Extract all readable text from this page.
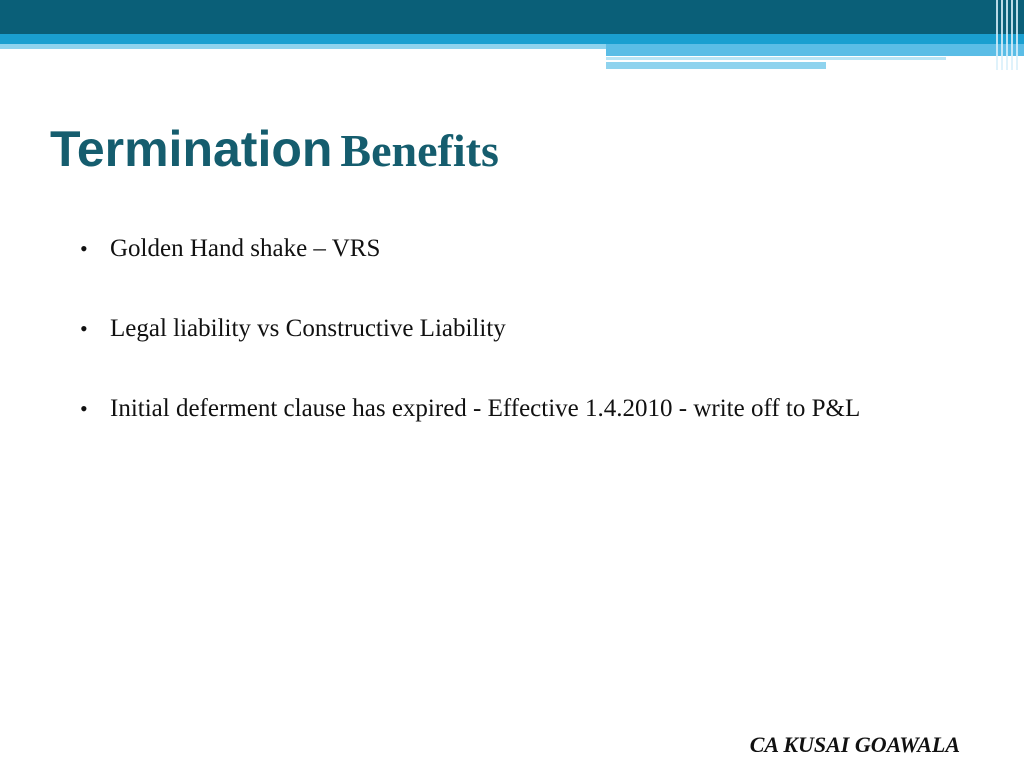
Termination Benefits
• Golden Hand shake – VRS
• Legal liability vs Constructive Liability
• Initial deferment clause has expired - Effective 1.4.2010 - write off to P&L
CA KUSAI GOAWALA
